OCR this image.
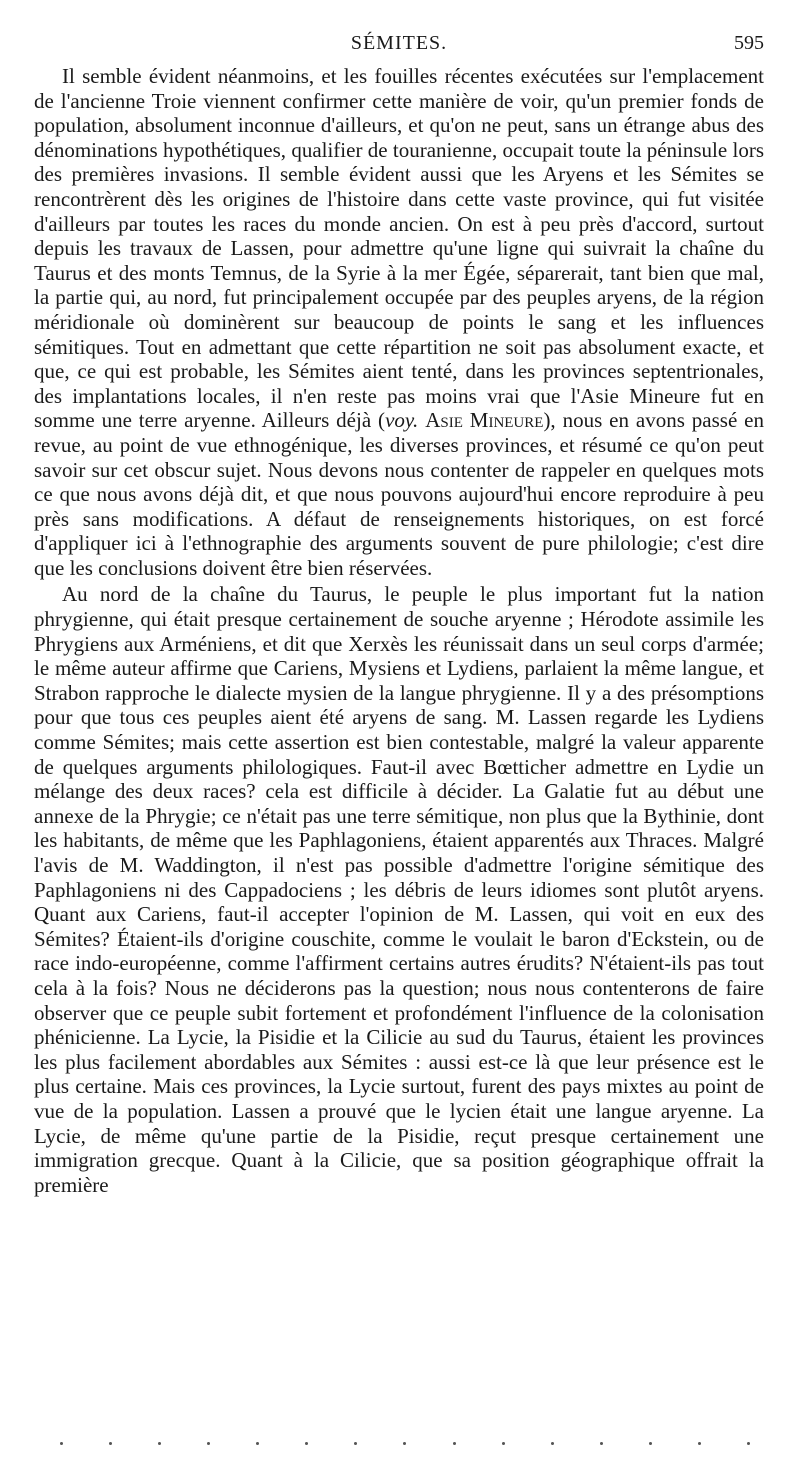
SÉMITES.	595

Il semble évident néanmoins, et les fouilles récentes exécutées sur l'emplacement de l'ancienne Troie viennent confirmer cette manière de voir, qu'un premier fonds de population, absolument inconnue d'ailleurs, et qu'on ne peut, sans un étrange abus des dénominations hypothétiques, qualifier de touranienne, occupait toute la péninsule lors des premières invasions. Il semble évident aussi que les Aryens et les Sémites se rencontrèrent dès les origines de l'histoire dans cette vaste province, qui fut visitée d'ailleurs par toutes les races du monde ancien. On est à peu près d'accord, surtout depuis les travaux de Lassen, pour admettre qu'une ligne qui suivrait la chaîne du Taurus et des monts Temnus, de la Syrie à la mer Égée, séparerait, tant bien que mal, la partie qui, au nord, fut principalement occupée par des peuples aryens, de la région méridionale où dominèrent sur beaucoup de points le sang et les influences sémitiques. Tout en admettant que cette répartition ne soit pas absolument exacte, et que, ce qui est probable, les Sémites aient tenté, dans les provinces septentrionales, des implantations locales, il n'en reste pas moins vrai que l'Asie Mineure fut en somme une terre aryenne. Ailleurs déjà (voy. Asie Mineure), nous en avons passé en revue, au point de vue ethnogénique, les diverses provinces, et résumé ce qu'on peut savoir sur cet obscur sujet. Nous devons nous contenter de rappeler en quelques mots ce que nous avons déjà dit, et que nous pouvons aujourd'hui encore reproduire à peu près sans modifications. A défaut de renseignements historiques, on est forcé d'appliquer ici à l'ethnographie des arguments souvent de pure philologie; c'est dire que les conclusions doivent être bien réservées.

Au nord de la chaîne du Taurus, le peuple le plus important fut la nation phrygienne, qui était presque certainement de souche aryenne ; Hérodote assimile les Phrygiens aux Arméniens, et dit que Xerxès les réunissait dans un seul corps d'armée; le même auteur affirme que Cariens, Mysiens et Lydiens, parlaient la même langue, et Strabon rapproche le dialecte mysien de la langue phrygienne. Il y a des présomptions pour que tous ces peuples aient été aryens de sang. M. Lassen regarde les Lydiens comme Sémites; mais cette assertion est bien contestable, malgré la valeur apparente de quelques arguments philologiques. Faut-il avec Bœtticher admettre en Lydie un mélange des deux races? cela est difficile à décider. La Galatie fut au début une annexe de la Phrygie; ce n'était pas une terre sémitique, non plus que la Bythinie, dont les habitants, de même que les Paphlagoniens, étaient apparentés aux Thraces. Malgré l'avis de M. Waddington, il n'est pas possible d'admettre l'origine sémitique des Paphlagoniens ni des Cappadociens ; les débris de leurs idiomes sont plutôt aryens. Quant aux Cariens, faut-il accepter l'opinion de M. Lassen, qui voit en eux des Sémites? Étaient-ils d'origine couschite, comme le voulait le baron d'Eckstein, ou de race indo-européenne, comme l'affirment certains autres érudits? N'étaient-ils pas tout cela à la fois? Nous ne déciderons pas la question; nous nous contenterons de faire observer que ce peuple subit fortement et profondément l'influence de la colonisation phénicienne. La Lycie, la Pisidie et la Cilicie au sud du Taurus, étaient les provinces les plus facilement abordables aux Sémites : aussi est-ce là que leur présence est le plus certaine. Mais ces provinces, la Lycie surtout, furent des pays mixtes au point de vue de la population. Lassen a prouvé que le lycien était une langue aryenne. La Lycie, de même qu'une partie de la Pisidie, reçut presque certainement une immigration grecque. Quant à la Cilicie, que sa position géographique offrait la première
